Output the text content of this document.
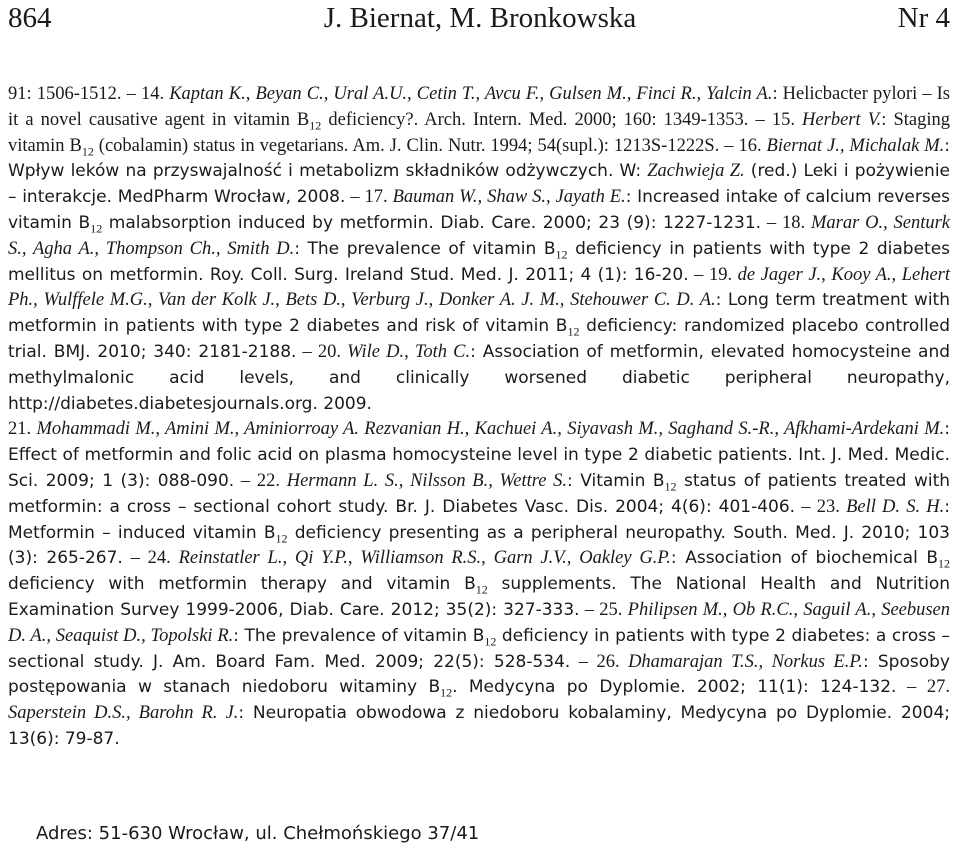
864	J. Biernat, M. Bronkowska	Nr 4

91: 1506-1512. – 14. Kaptan K., Beyan C., Ural A.U., Cetin T., Avcu F., Gulsen M., Finci R., Yalcin A.: Helicbacter pylori – Is it a novel causative agent in vitamin $B_{12}$ deficiency?. Arch. Intern. Med. 2000; 160: 1349-1353. – 15. Herbert V.: Staging vitamin $B_{12}$ (cobalamin) status in vegetarians. Am. J. Clin. Nutr. 1994; 54(supl.): 1213S-1222S. – 16. Biernat J., Michalak M.: Wpływ leków na przyswajalność i metabolizm składników odżywczych. W: Zachwieja Z. (red.) Leki i pożywienie – interakcje. MedPharm Wrocław, 2008. – 17. Bauman W., Shaw S., Jayath E.: Increased intake of calcium reverses vitamin $B_{12}$ malabsorption induced by metformin. Diab. Care. 2000; 23 (9): 1227-1231. – 18. Marar O., Senturk S., Agha A., Thompson Ch., Smith D.: The prevalence of vitamin $B_{12}$ deficiency in patients with type 2 diabetes mellitus on metformin. Roy. Coll. Surg. Ireland Stud. Med. J. 2011; 4 (1): 16-20. – 19. de Jager J., Kooy A., Lehert Ph., Wulffele M.G., Van der Kolk J., Bets D., Verburg J., Donker A. J. M., Stehouwer C. D. A.: Long term treatment with metformin in patients with type 2 diabetes and risk of vitamin $B_{12}$ deficiency: randomized placebo controlled trial. BMJ. 2010; 340: 2181-2188. – 20. Wile D., Toth C.: Association of metformin, elevated homocysteine and methylmalonic acid levels, and clinically worsened diabetic peripheral neuropathy, http://diabetes.diabetesjournals.org. 2009.

21. Mohammadi M., Amini M., Aminiorroay A. Rezvanian H., Kachuei A., Siyavash M., Saghand S.-R., Afkhami-Ardekani M.: Effect of metformin and folic acid on plasma homocysteine level in type 2 diabetic patients. Int. J. Med. Medic. Sci. 2009; 1 (3): 088-090. – 22. Hermann L. S., Nilsson B., Wettre S.: Vitamin $B_{12}$ status of patients treated with metformin: a cross – sectional cohort study. Br. J. Diabetes Vasc. Dis. 2004; 4(6): 401-406. – 23. Bell D. S. H.: Metformin – induced vitamin $B_{12}$ deficiency presenting as a peripheral neuropathy. South. Med. J. 2010; 103 (3): 265-267. – 24. Reinstatler L., Qi Y.P., Williamson R.S., Garn J.V., Oakley G.P.: Association of biochemical $B_{12}$ deficiency with metformin therapy and vitamin $B_{12}$ supplements. The National Health and Nutrition Examination Survey 1999-2006, Diab. Care. 2012; 35(2): 327-333. – 25. Philipsen M., Ob R.C., Saguil A., Seebusen D. A., Seaquist D., Topolski R.: The prevalence of vitamin $B_{12}$ deficiency in patients with type 2 diabetes: a cross – sectional study. J. Am. Board Fam. Med. 2009; 22(5): 528-534. – 26. Dhamarajan T.S., Norkus E.P.: Sposoby postępowania w stanach niedoboru witaminy $B_{12}$. Medycyna po Dyplomie. 2002; 11(1): 124-132. – 27. Saperstein D.S., Barohn R. J.: Neuropatia obwodowa z niedoboru kobalaminy, Medycyna po Dyplomie. 2004; 13(6): 79-87.

Adres: 51-630 Wrocław, ul. Chełmońskiego 37/41
